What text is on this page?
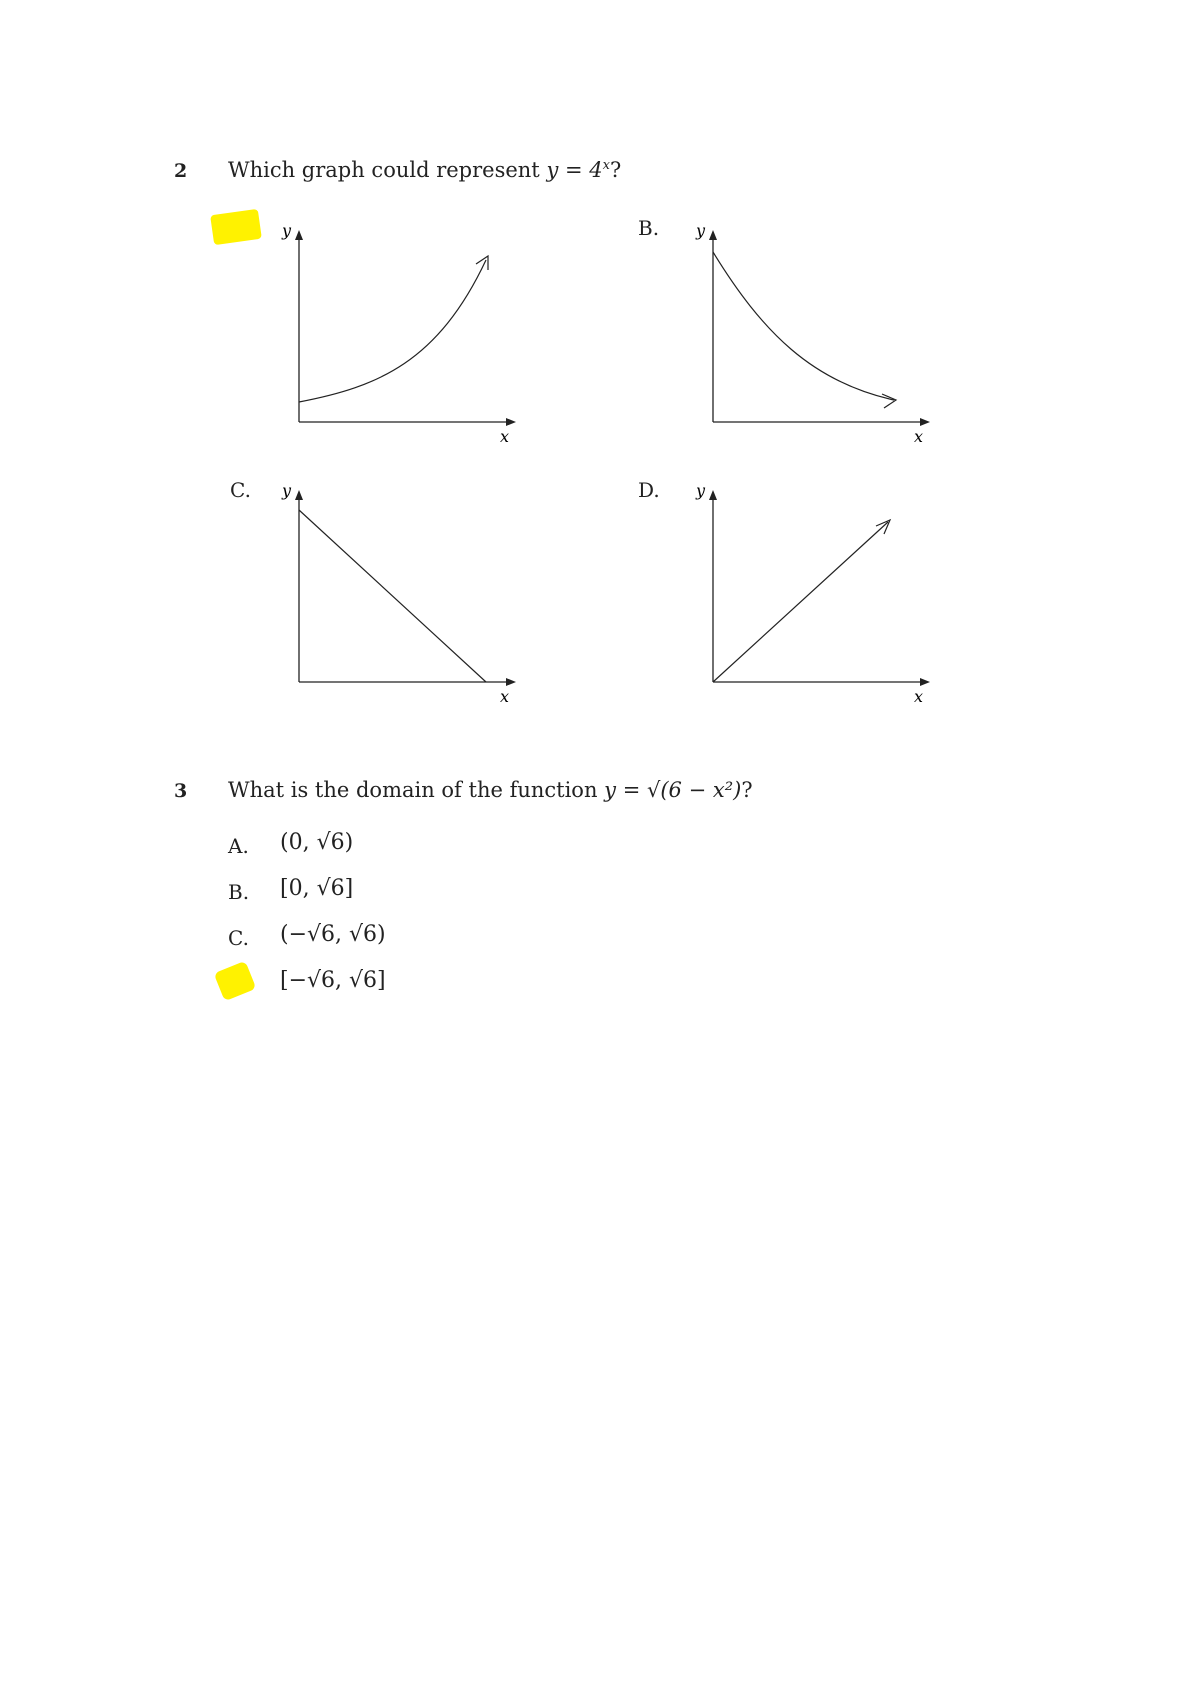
2 Which graph could represent $y = 4^x$?
y
x
B. y
x
C. y
x
D. y
x
3 What is the domain of the function y = √(6 − x²)?
A. (0, √6)
B. [0, √6]
C. (−√6, √6)
[−√6, √6]
